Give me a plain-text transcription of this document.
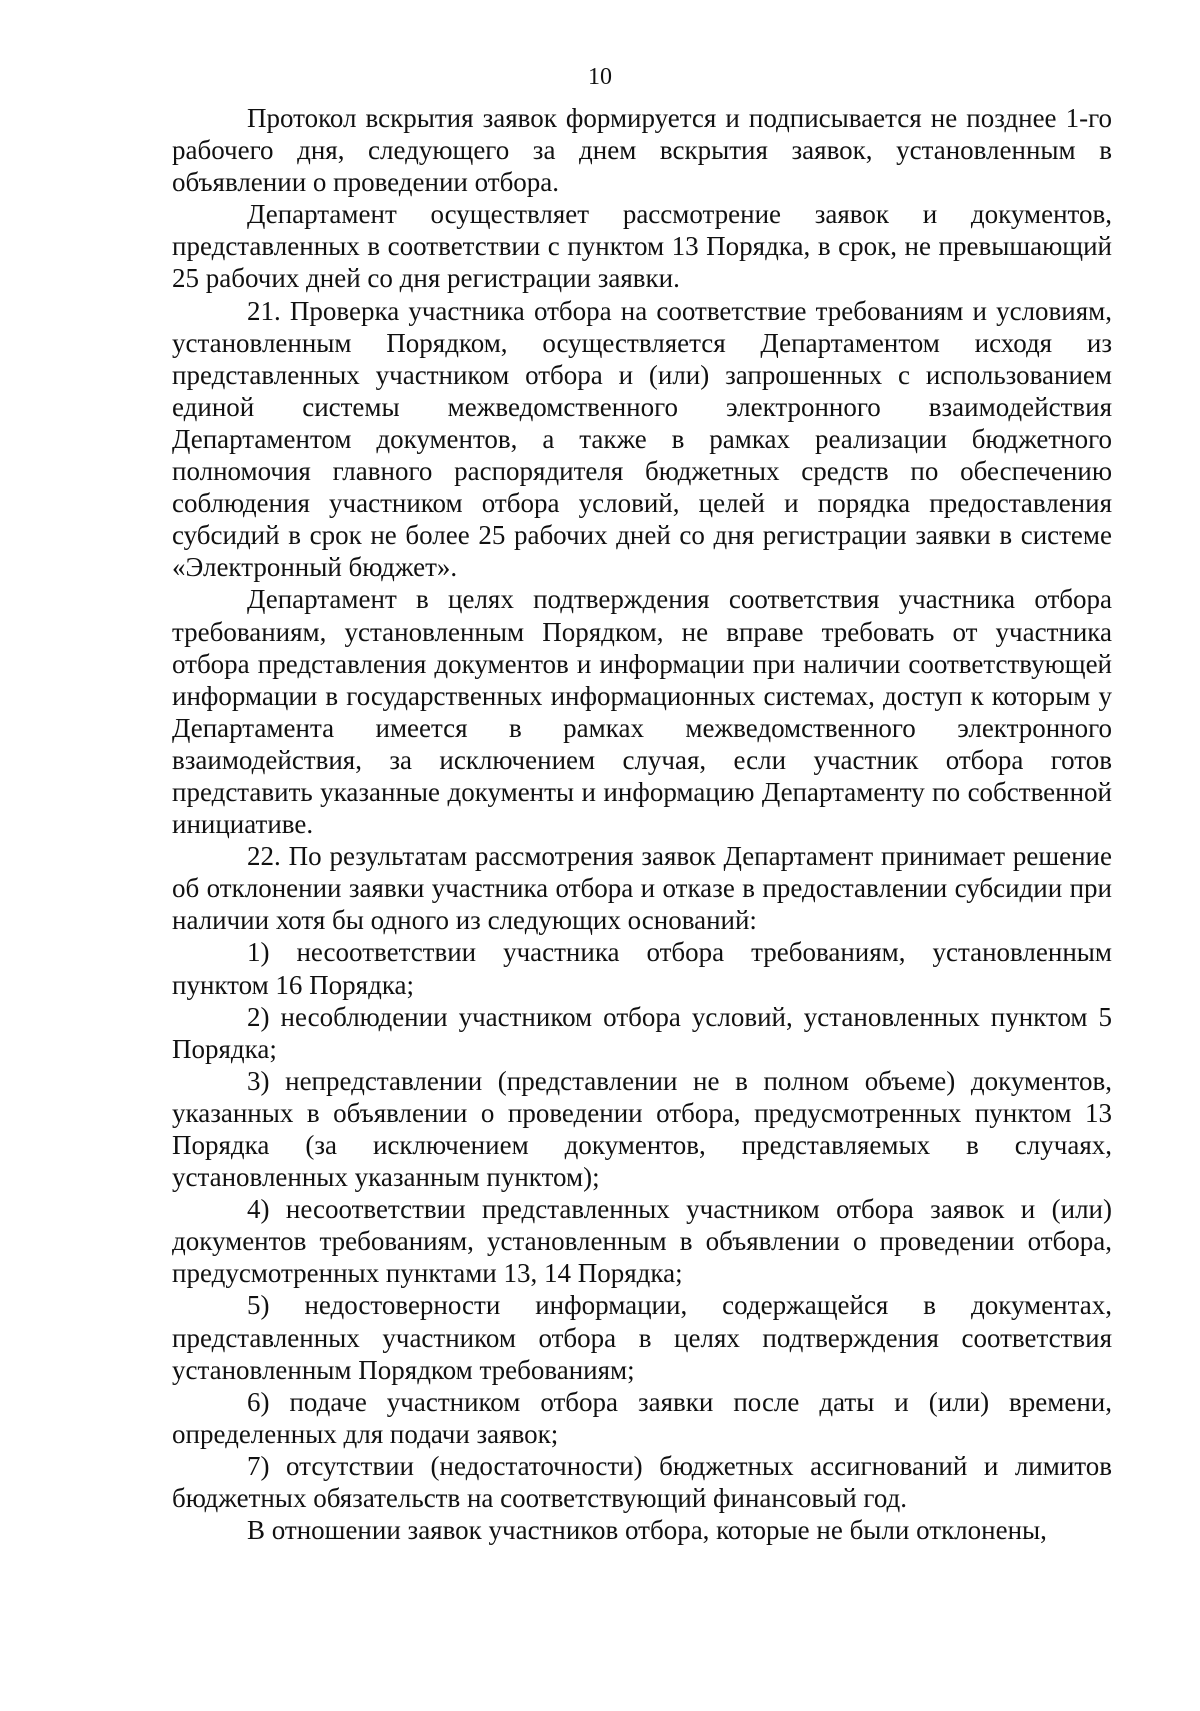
10

Протокол вскрытия заявок формируется и подписывается не позднее 1-го рабочего дня, следующего за днем вскрытия заявок, установленным в объявлении о проведении отбора.

Департамент осуществляет рассмотрение заявок и документов, представленных в соответствии с пунктом 13 Порядка, в срок, не превышающий 25 рабочих дней со дня регистрации заявки.

21. Проверка участника отбора на соответствие требованиям и условиям, установленным Порядком, осуществляется Департаментом исходя из представленных участником отбора и (или) запрошенных с использованием единой системы межведомственного электронного взаимодействия Департаментом документов, а также в рамках реализации бюджетного полномочия главного распорядителя бюджетных средств по обеспечению соблюдения участником отбора условий, целей и порядка предоставления субсидий в срок не более 25 рабочих дней со дня регистрации заявки в системе «Электронный бюджет».

Департамент в целях подтверждения соответствия участника отбора требованиям, установленным Порядком, не вправе требовать от участника отбора представления документов и информации при наличии соответствующей информации в государственных информационных системах, доступ к которым у Департамента имеется в рамках межведомственного электронного взаимодействия, за исключением случая, если участник отбора готов представить указанные документы и информацию Департаменту по собственной инициативе.

22. По результатам рассмотрения заявок Департамент принимает решение об отклонении заявки участника отбора и отказе в предоставлении субсидии при наличии хотя бы одного из следующих оснований:

1) несоответствии участника отбора требованиям, установленным пунктом 16 Порядка;

2) несоблюдении участником отбора условий, установленных пунктом 5 Порядка;

3) непредставлении (представлении не в полном объеме) документов, указанных в объявлении о проведении отбора, предусмотренных пунктом 13 Порядка (за исключением документов, представляемых в случаях, установленных указанным пунктом);

4) несоответствии представленных участником отбора заявок и (или) документов требованиям, установленным в объявлении о проведении отбора, предусмотренных пунктами 13, 14 Порядка;

5) недостоверности информации, содержащейся в документах, представленных участником отбора в целях подтверждения соответствия установленным Порядком требованиям;

6) подаче участником отбора заявки после даты и (или) времени, определенных для подачи заявок;

7) отсутствии (недостаточности) бюджетных ассигнований и лимитов бюджетных обязательств на соответствующий финансовый год.

В отношении заявок участников отбора, которые не были отклонены,
